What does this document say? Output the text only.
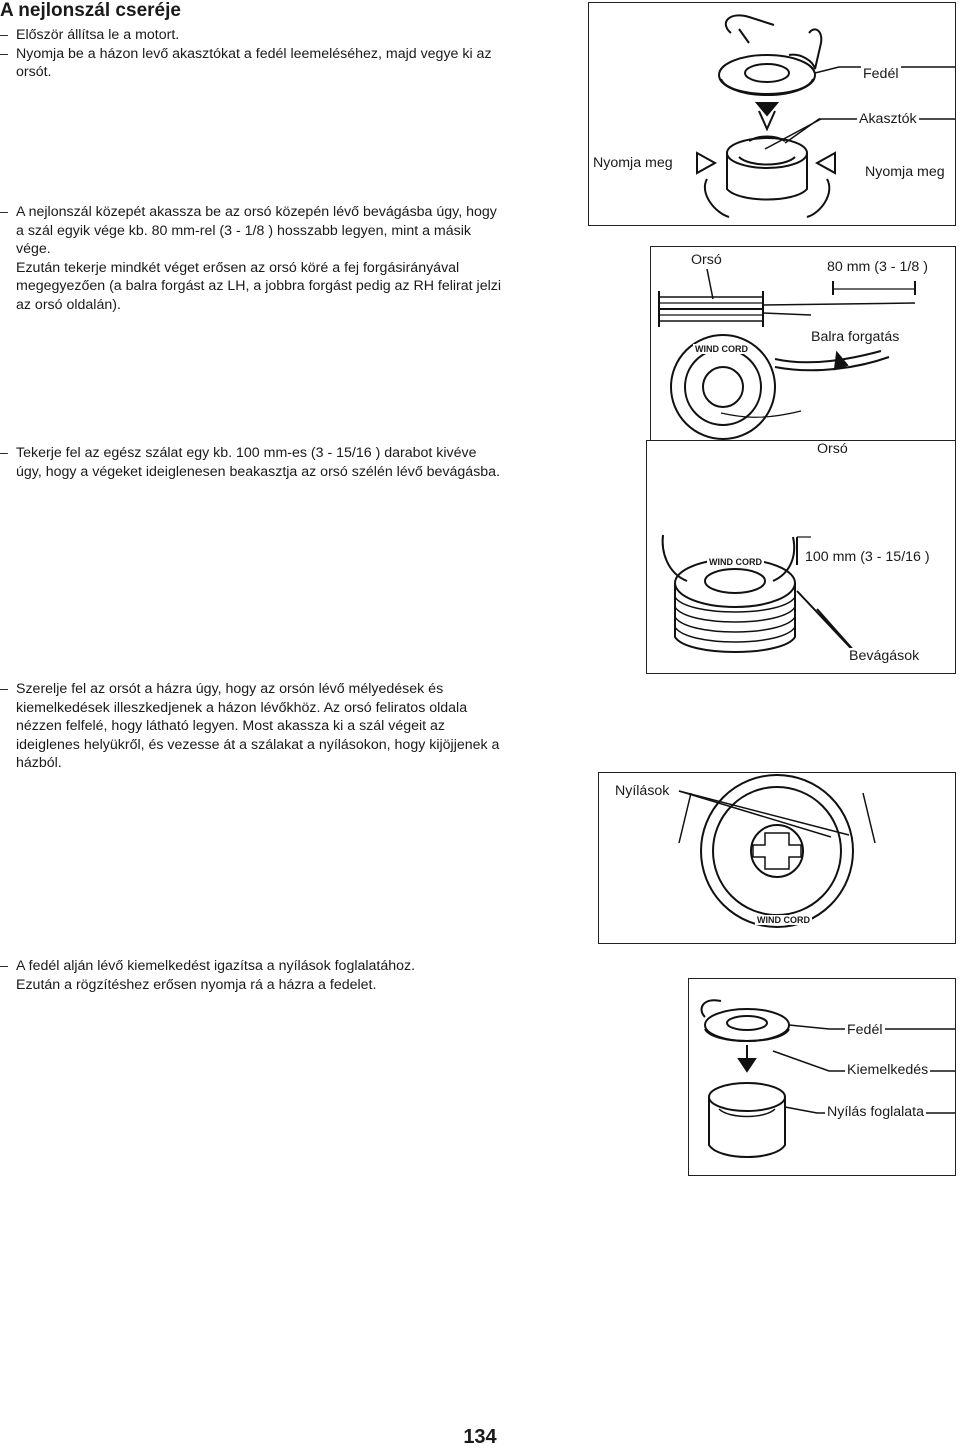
A nejlonszál cseréje
– Először állítsa le a motort.
– Nyomja be a házon levő akasztókat a fedél leemeléséhez, majd vegye ki az
orsót.
– A nejlonszál közepét akassza be az orsó közepén lévő bevágásba úgy, hogy
a szál egyik vége kb. 80 mm-rel (3 - 1/8 ) hosszabb legyen, mint a másik
vége.
Ezután tekerje mindkét véget erősen az orsó köré a fej forgásirányával
megegyezően (a balra forgást az LH, a jobbra forgást pedig az RH felirat jelzi
az orsó oldalán).
– Tekerje fel az egész szálat egy kb. 100 mm-es (3 - 15/16 ) darabot kivéve
úgy, hogy a végeket ideiglenesen beakasztja az orsó szélén lévő bevágásba.
– Szerelje fel az orsót a házra úgy, hogy az orsón lévő mélyedések és
kiemelkedések illeszkedjenek a házon lévőkhöz. Az orsó feliratos oldala
nézzen felfelé, hogy látható legyen. Most akassza ki a szál végeit az
ideiglenes helyükről, és vezesse át a szálakat a nyílásokon, hogy kijöjjenek a
házból.
– A fedél alján lévő kiemelkedést igazítsa a nyílások foglalatához.
Ezután a rögzítéshez erősen nyomja rá a házra a fedelet.
Fedél
Akasztók
Nyomja meg
Nyomja meg
Orsó	80 mm (3 - 1/8 )
Balra forgatás
WIND CORD
Orsó
100 mm (3 - 15/16 )
Bevágások
WIND CORD
Nyílások
WIND CORD
Fedél
Kiemelkedés
Nyílás foglalata
134
